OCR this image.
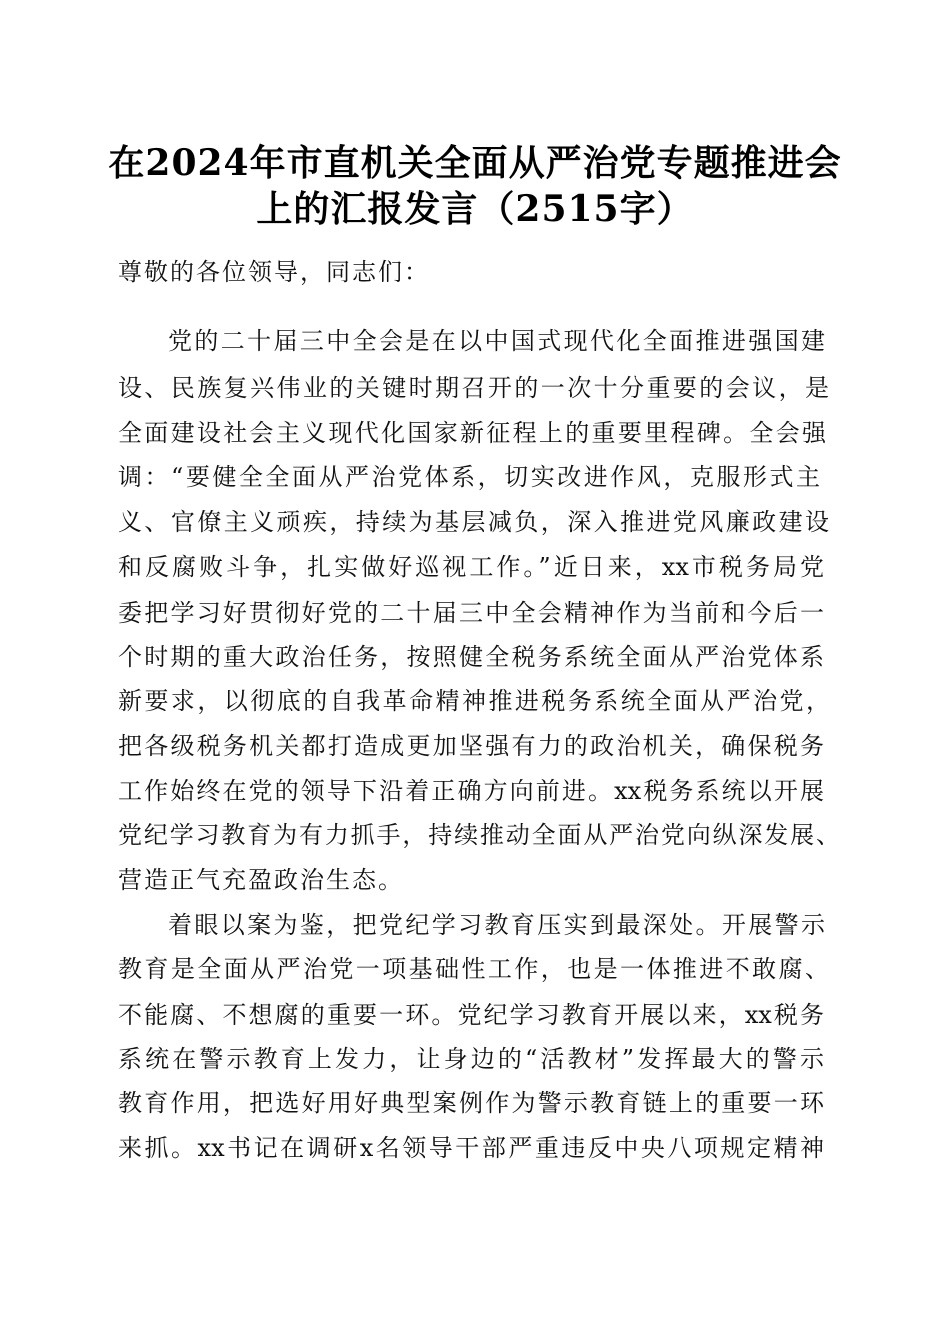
在2024年市直机关全面从严治党专题推进会
上的汇报发言（2515字）
尊敬的各位领导，同志们：
党的二十届三中全会是在以中国式现代化全面推进强国建
设、民族复兴伟业的关键时期召开的一次十分重要的会议，是
全面建设社会主义现代化国家新征程上的重要里程碑。全会强
调：“要健全全面从严治党体系，切实改进作风，克服形式主
义、官僚主义顽疾，持续为基层减负，深入推进党风廉政建设
和反腐败斗争，扎实做好巡视工作。”近日来，xx市税务局党
委把学习好贯彻好党的二十届三中全会精神作为当前和今后一
个时期的重大政治任务，按照健全税务系统全面从严治党体系
新要求，以彻底的自我革命精神推进税务系统全面从严治党，
把各级税务机关都打造成更加坚强有力的政治机关，确保税务
工作始终在党的领导下沿着正确方向前进。xx税务系统以开展
党纪学习教育为有力抓手，持续推动全面从严治党向纵深发展、
营造正气充盈政治生态。
着眼以案为鉴，把党纪学习教育压实到最深处。开展警示
教育是全面从严治党一项基础性工作，也是一体推进不敢腐、
不能腐、不想腐的重要一环。党纪学习教育开展以来，xx税务
系统在警示教育上发力，让身边的“活教材”发挥最大的警示
教育作用，把选好用好典型案例作为警示教育链上的重要一环
来抓。xx书记在调研x名领导干部严重违反中央八项规定精神
